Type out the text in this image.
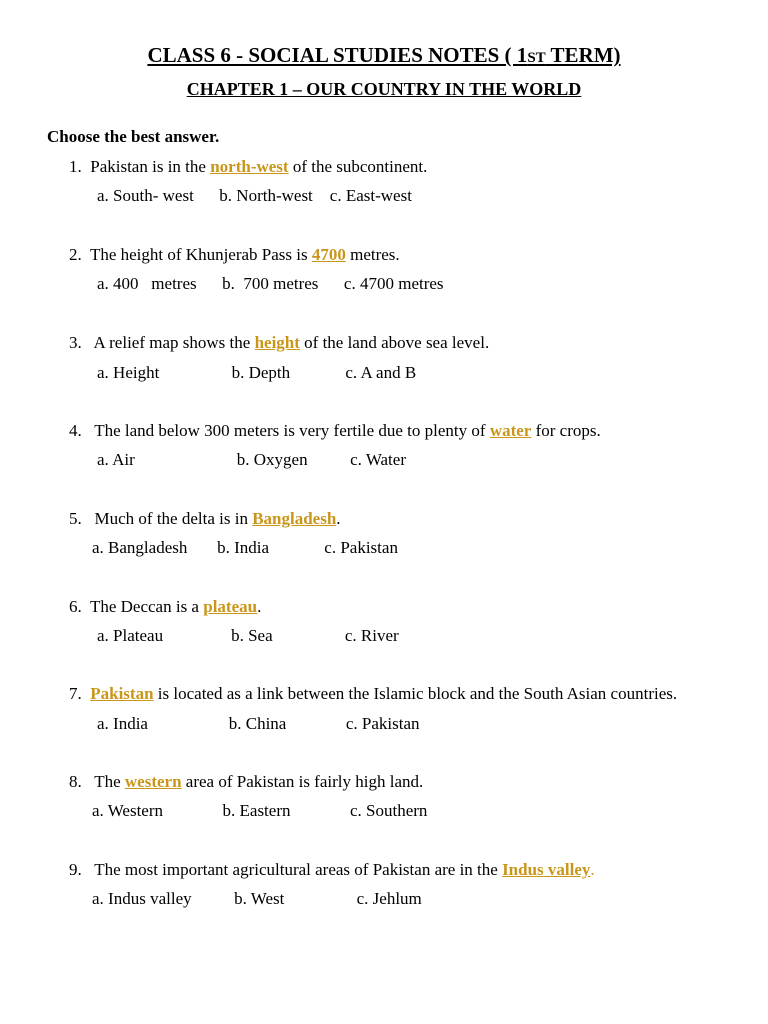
CLASS 6 - SOCIAL STUDIES NOTES ( 1ST TERM)
CHAPTER 1 – OUR COUNTRY IN THE WORLD
Choose the best answer.
1.  Pakistan is in the north-west of the subcontinent.
a. South- west      b. North-west    c. East-west
2.  The height of Khunjerab Pass is 4700 metres.
a. 400   metres      b.  700 metres      c. 4700 metres
3.   A relief map shows the height of the land above sea level.
a. Height                 b. Depth             c. A and B
4.   The land below 300 meters is very fertile due to plenty of water for crops.
a. Air                        b. Oxygen          c. Water
5.   Much of the delta is in Bangladesh.
a. Bangladesh       b. India             c. Pakistan
6.  The Deccan is a plateau.
a. Plateau                b. Sea                 c. River
7.  Pakistan is located as a link between the Islamic block and the South Asian countries.
a. India                   b. China              c. Pakistan
8.   The western area of Pakistan is fairly high land.
a. Western              b. Eastern              c. Southern
9.   The most important agricultural areas of Pakistan are in the Indus valley.
a. Indus valley          b. West                 c. Jehlum
